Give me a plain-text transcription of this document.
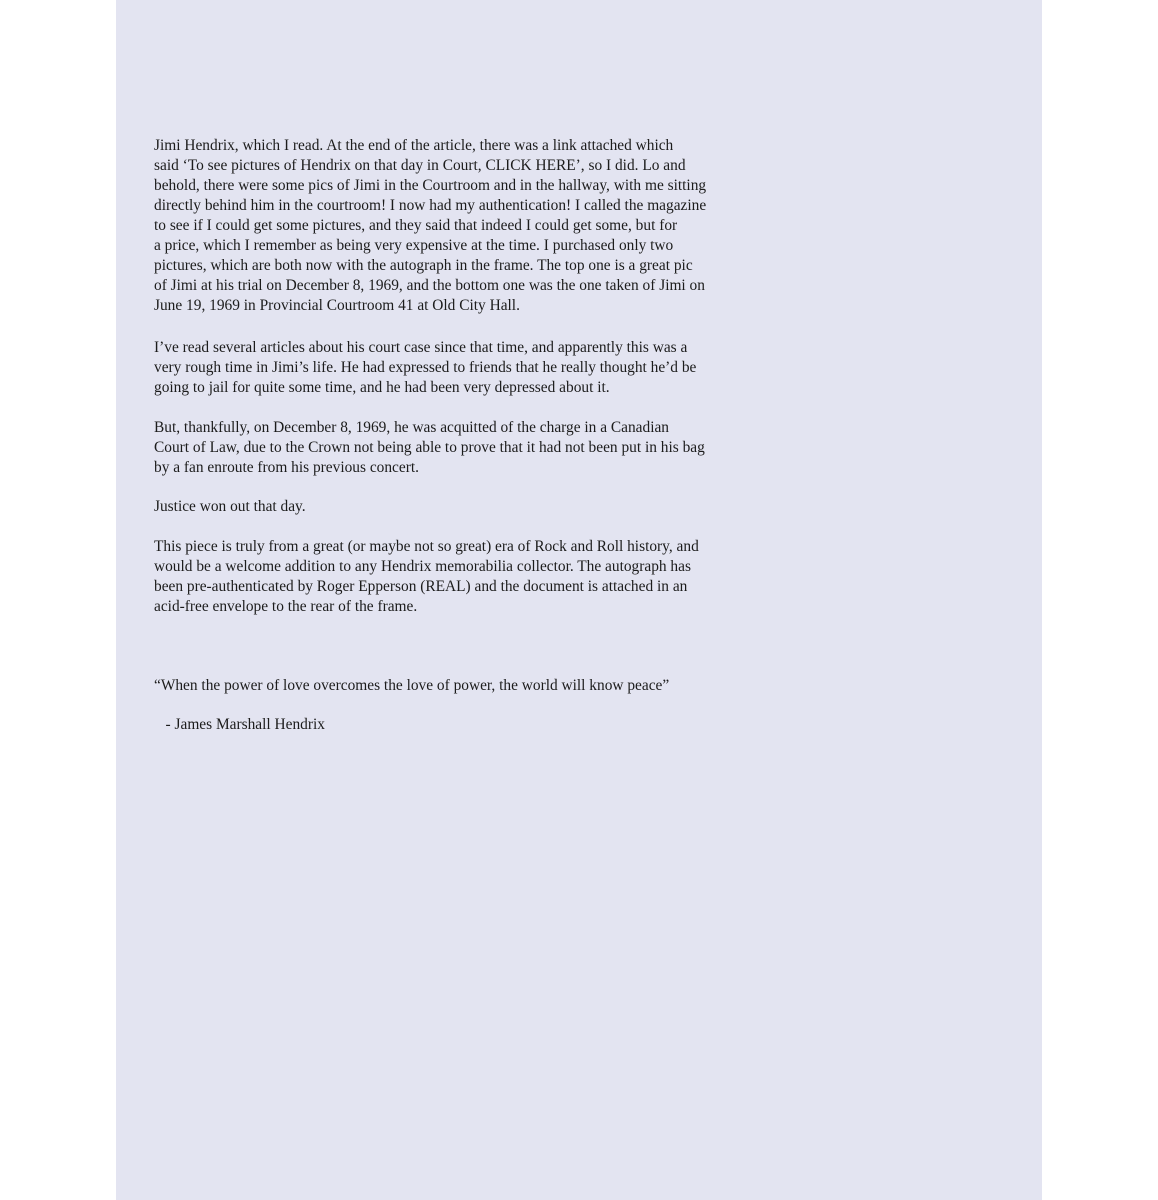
Jimi Hendrix, which I read. At the end of the article, there was a link attached which
said ‘To see pictures of Hendrix on that day in Court, CLICK HERE’, so I did. Lo and
behold, there were some pics of Jimi in the Courtroom and in the hallway, with me sitting
directly behind him in the courtroom! I now had my authentication! I called the magazine
to see if I could get some pictures, and they said that indeed I could get some, but for
a price, which I remember as being very expensive at the time. I purchased only two
pictures, which are both now with the autograph in the frame. The top one is a great pic
of Jimi at his trial on December 8, 1969, and the bottom one was the one taken of Jimi on
June 19, 1969 in Provincial Courtroom 41 at Old City Hall.

I’ve read several articles about his court case since that time, and apparently this was a
very rough time in Jimi’s life. He had expressed to friends that he really thought he’d be
going to jail for quite some time, and he had been very depressed about it.

But, thankfully, on December 8, 1969, he was acquitted of the charge in a Canadian
Court of Law, due to the Crown not being able to prove that it had not been put in his bag
by a fan enroute from his previous concert.

Justice won out that day.

This piece is truly from a great (or maybe not so great) era of Rock and Roll history, and
would be a welcome addition to any Hendrix memorabilia collector. The autograph has
been pre-authenticated by Roger Epperson (REAL) and the document is attached in an
acid-free envelope to the rear of the frame.

“When the power of love overcomes the love of power, the world will know peace”

- James Marshall Hendrix
